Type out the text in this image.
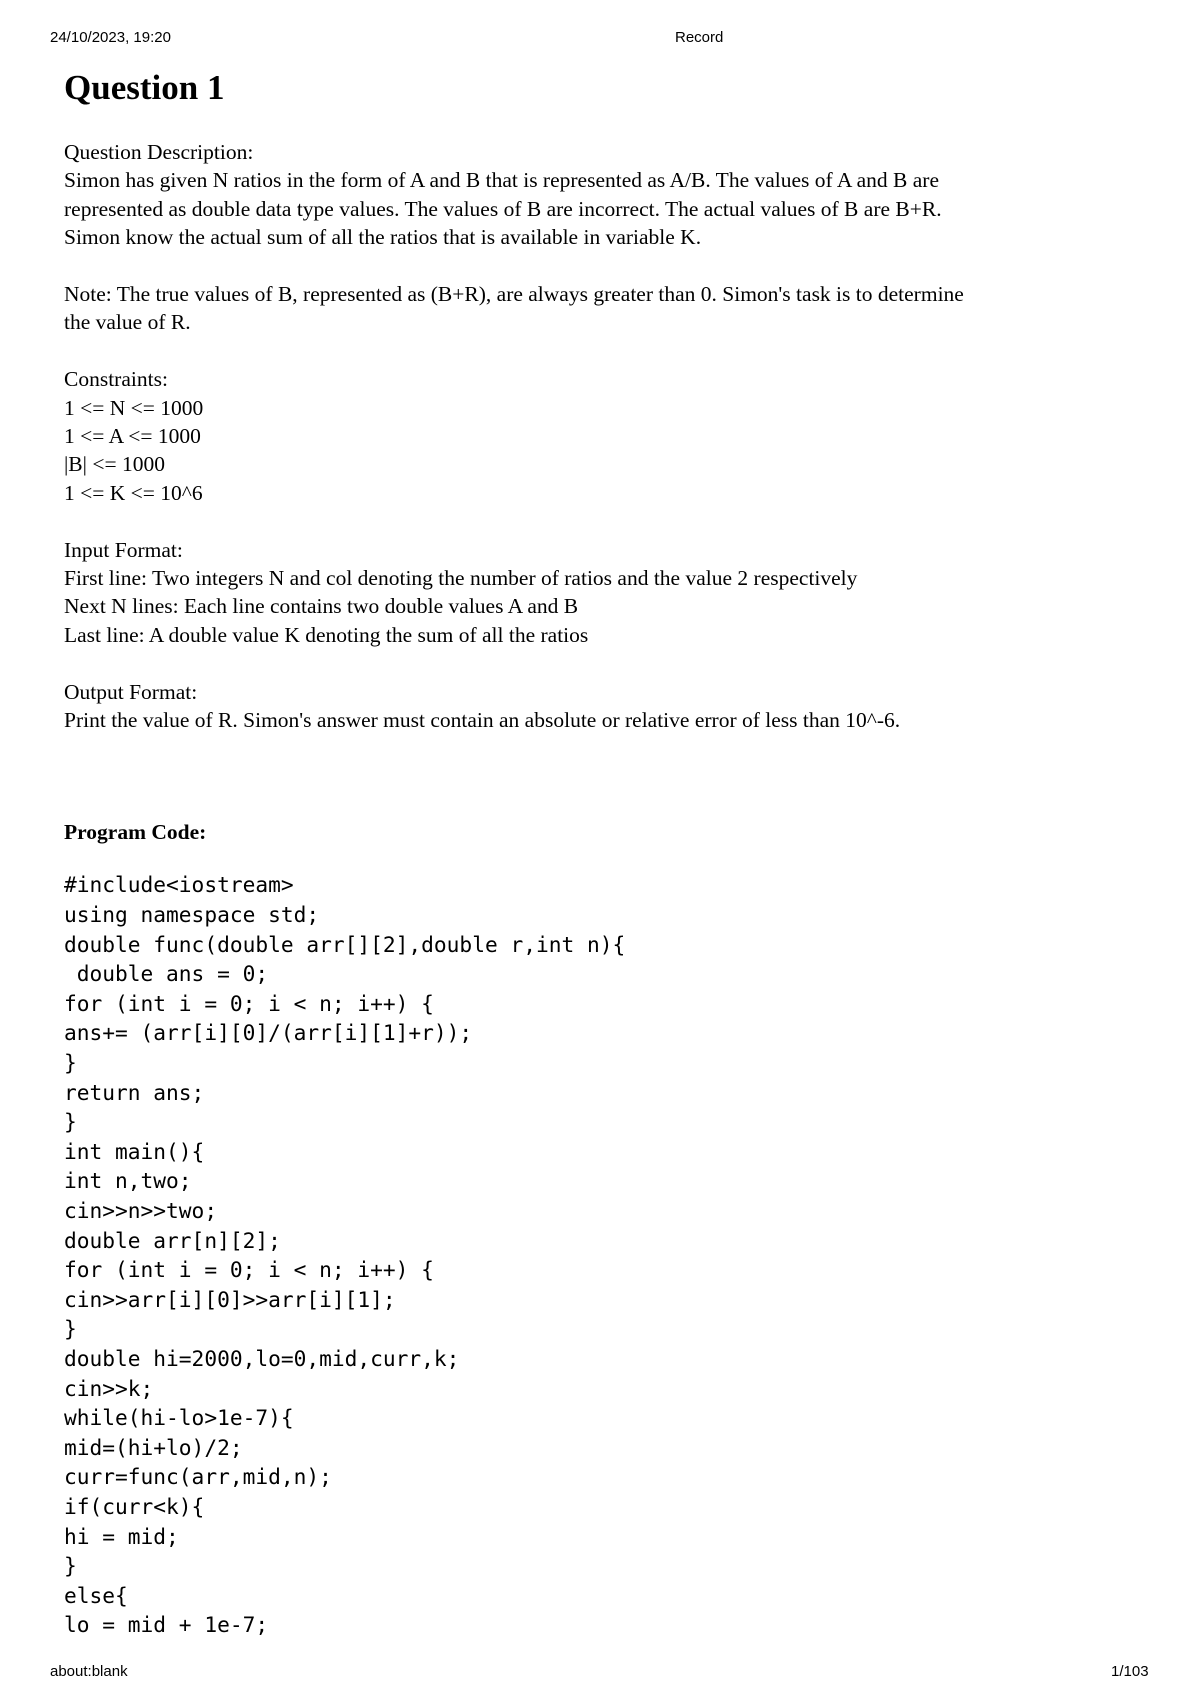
24/10/2023, 19:20	Record
Question 1
Question Description:
Simon has given N ratios in the form of A and B that is represented as A/B. The values of A and B are
represented as double data type values. The values of B are incorrect. The actual values of B are B+R.
Simon know the actual sum of all the ratios that is available in variable K.
Note: The true values of B, represented as (B+R), are always greater than 0. Simon's task is to determine
the value of R.
Constraints:
1 <= N <= 1000
1 <= A <= 1000
|B| <= 1000
1 <= K <= 10^6
Input Format:
First line: Two integers N and col denoting the number of ratios and the value 2 respectively
Next N lines: Each line contains two double values A and B
Last line: A double value K denoting the sum of all the ratios
Output Format:
Print the value of R. Simon's answer must contain an absolute or relative error of less than 10^-6.
Program Code:
#include<iostream>
using namespace std;
double func(double arr[][2],double r,int n){
double ans = 0;
for (int i = 0; i < n; i++) {
ans+= (arr[i][0]/(arr[i][1]+r));
}
return ans;
}
int main(){
int n,two;
cin>>n>>two;
double arr[n][2];
for (int i = 0; i < n; i++) {
cin>>arr[i][0]>>arr[i][1];
}
double hi=2000,lo=0,mid,curr,k;
cin>>k;
while(hi-lo>1e-7){
mid=(hi+lo)/2;
curr=func(arr,mid,n);
if(curr<k){
hi = mid;
}
else{
lo = mid + 1e-7;
about:blank	1/103
